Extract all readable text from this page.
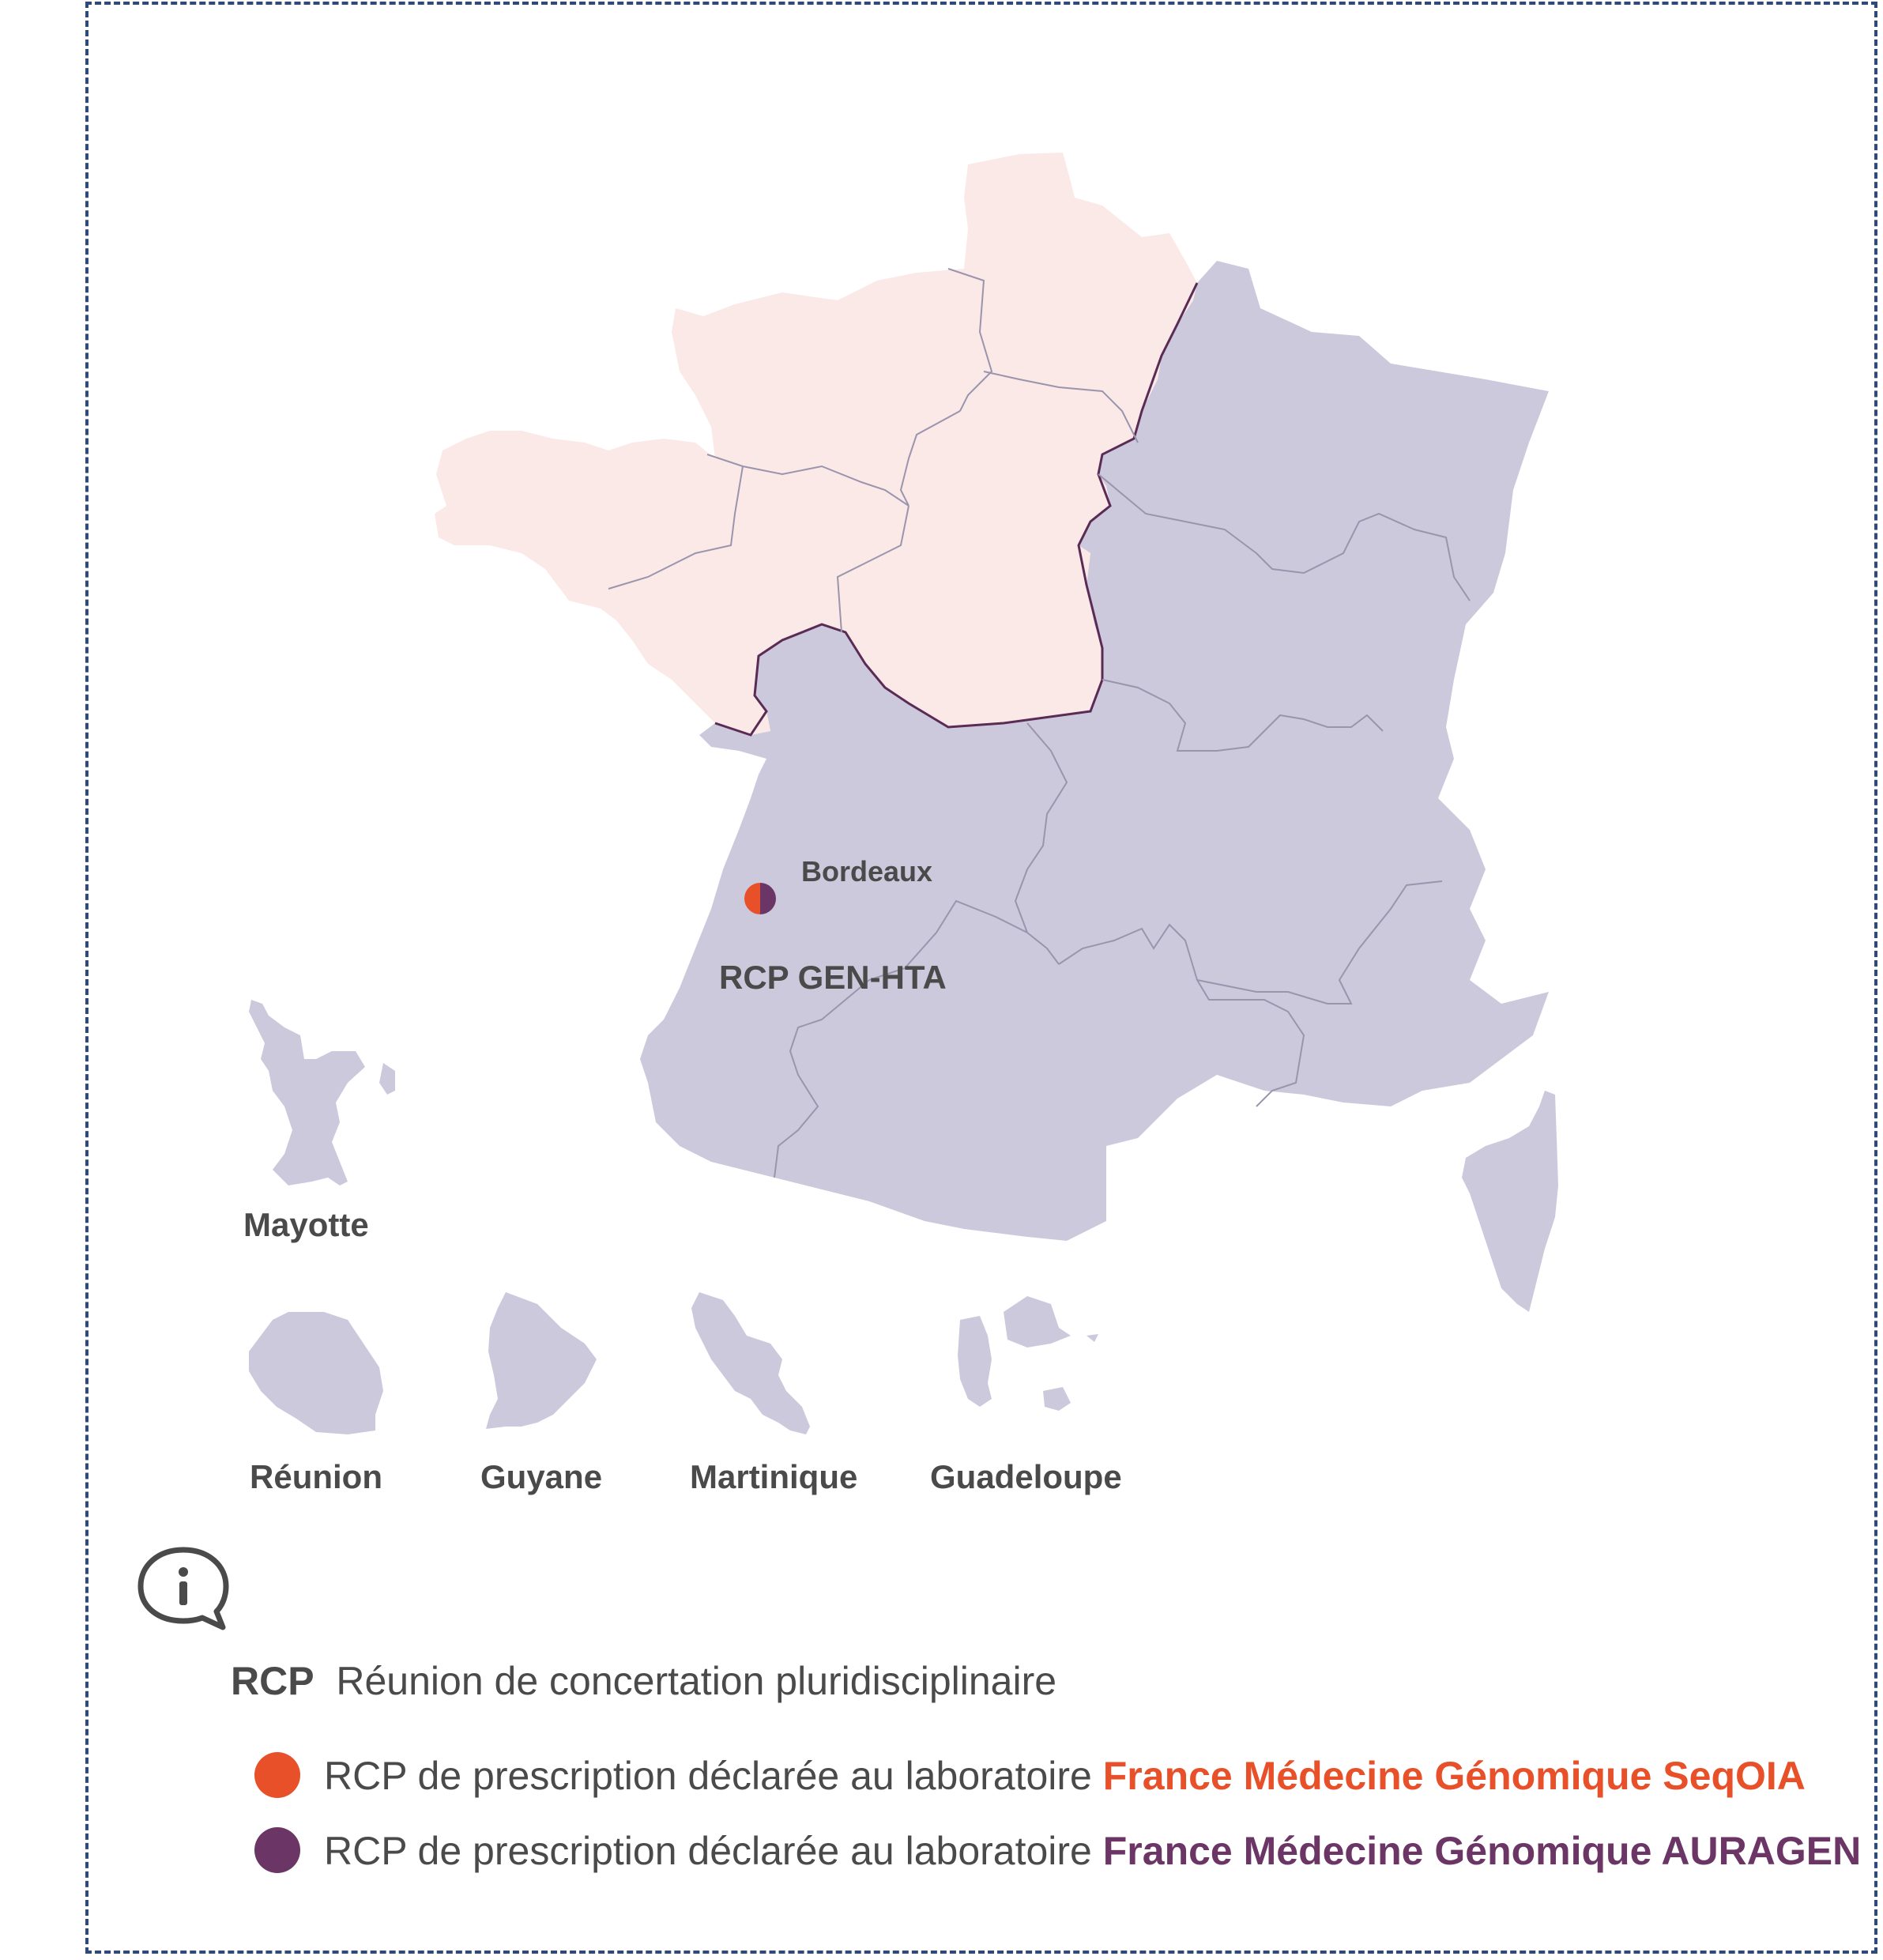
Bordeaux
RCP GEN-HTA
Mayotte
Réunion	Guyane	Martinique Guadeloupe
RCP Réunion de concertation pluridisciplinaire
RCP de prescription déclarée au laboratoire France Médecine Génomique SeqOIA
RCP de prescription déclarée au laboratoire France Médecine Génomique AURAGEN
